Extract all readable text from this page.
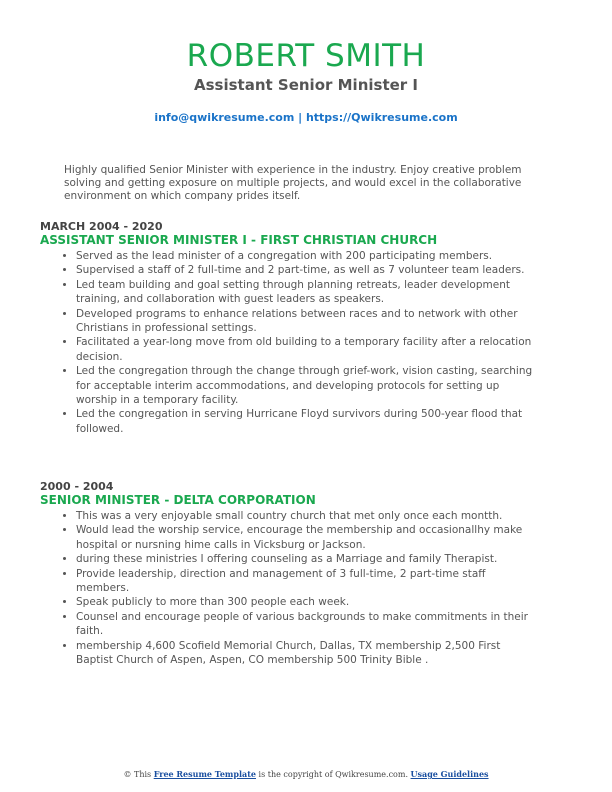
ROBERT SMITH
Assistant Senior Minister I
info@qwikresume.com | https://Qwikresume.com
Highly qualified Senior Minister with experience in the industry. Enjoy creative problem solving and getting exposure on multiple projects, and would excel in the collaborative environment on which company prides itself.
MARCH 2004 - 2020
ASSISTANT SENIOR MINISTER I - FIRST CHRISTIAN CHURCH
• Served as the lead minister of a congregation with 200 participating members.
• Supervised a staff of 2 full-time and 2 part-time, as well as 7 volunteer team leaders.
• Led team building and goal setting through planning retreats, leader development training, and collaboration with guest leaders as speakers.
• Developed programs to enhance relations between races and to network with other Christians in professional settings.
• Facilitated a year-long move from old building to a temporary facility after a relocation decision.
• Led the congregation through the change through grief-work, vision casting, searching for acceptable interim accommodations, and developing protocols for setting up worship in a temporary facility.
• Led the congregation in serving Hurricane Floyd survivors during 500-year flood that followed.
2000 - 2004
SENIOR MINISTER - DELTA CORPORATION
• This was a very enjoyable small country church that met only once each montth.
• Would lead the worship service, encourage the membership and occasionallhy make hospital or nursning hime calls in Vicksburg or Jackson.
• during these ministries I offering counseling as a Marriage and family Therapist.
• Provide leadership, direction and management of 3 full-time, 2 part-time staff members.
• Speak publicly to more than 300 people each week.
• Counsel and encourage people of various backgrounds to make commitments in their faith.
• membership 4,600 Scofield Memorial Church, Dallas, TX membership 2,500 First Baptist Church of Aspen, Aspen, CO membership 500 Trinity Bible .
© This Free Resume Template is the copyright of Qwikresume.com. Usage Guidelines
